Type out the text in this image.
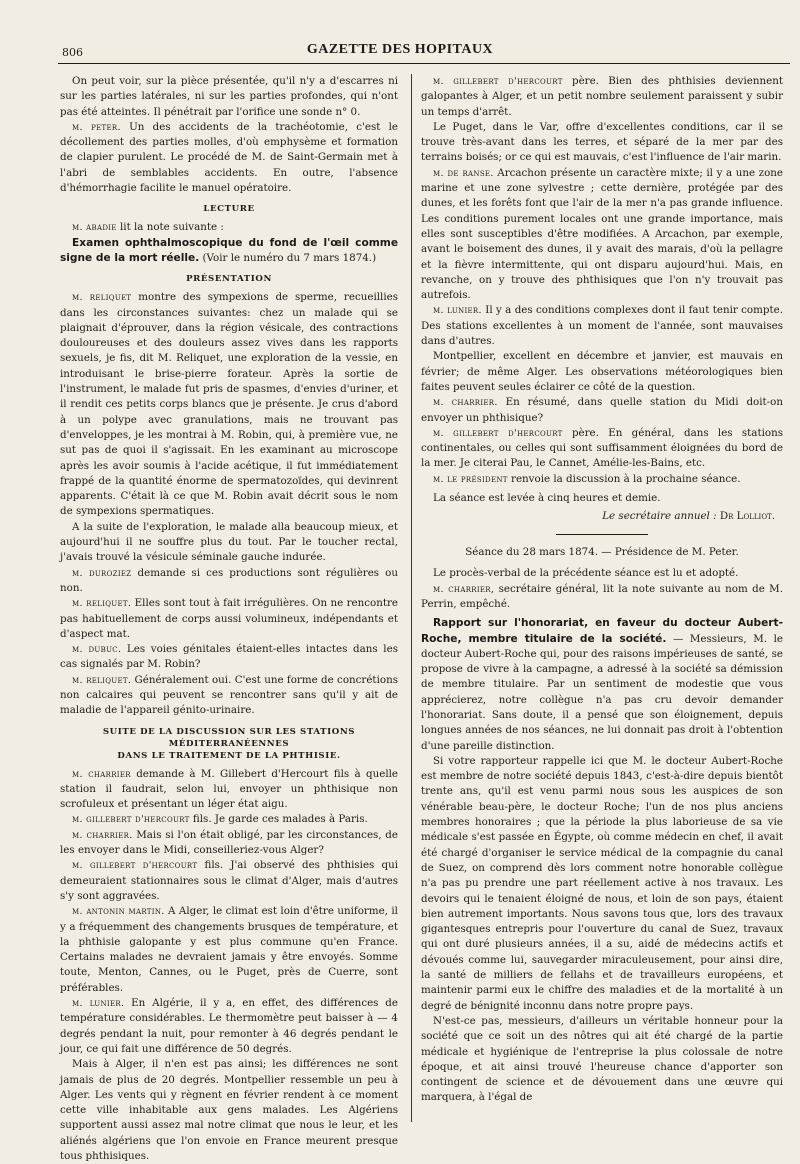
806	GAZETTE DES HOPITAUX

On peut voir, sur la pièce présentée, qu'il n'y a d'escarres ni sur les parties latérales, ni sur les parties profondes, qui n'ont pas été atteintes. Il pénétrait par l'orifice une sonde n° 0.

m. peter. Un des accidents de la trachéotomie, c'est le décollement des parties molles, d'où emphysème et formation de clapier purulent. Le procédé de M. de Saint-Germain met à l'abri de semblables accidents. En outre, l'absence d'hémorrhagie facilite le manuel opératoire.

LECTURE

m. abadie lit la note suivante :

Examen ophthalmoscopique du fond de l'œil comme signe de la mort réelle. (Voir le numéro du 7 mars 1874.)

PRÉSENTATION

m. reliquet montre des sympexions de sperme, recueillies dans les circonstances suivantes: chez un malade qui se plaignait d'éprouver, dans la région vésicale, des contractions douloureuses et des douleurs assez vives dans les rapports sexuels, je fis, dit M. Reliquet, une exploration de la vessie, en introduisant le brise-pierre forateur. Après la sortie de l'instrument, le malade fut pris de spasmes, d'envies d'uriner, et il rendit ces petits corps blancs que je présente. Je crus d'abord à un polype avec granulations, mais ne trouvant pas d'enveloppes, je les montrai à M. Robin, qui, à première vue, ne sut pas de quoi il s'agissait. En les examinant au microscope après les avoir soumis à l'acide acétique, il fut immédiatement frappé de la quantité énorme de spermatozoïdes, qui devinrent apparents. C'était là ce que M. Robin avait décrit sous le nom de sympexions spermatiques.

A la suite de l'exploration, le malade alla beaucoup mieux, et aujourd'hui il ne souffre plus du tout. Par le toucher rectal, j'avais trouvé la vésicule séminale gauche indurée.

m. duroziez demande si ces productions sont régulières ou non.

m. reliquet. Elles sont tout à fait irrégulières. On ne rencontre pas habituellement de corps aussi volumineux, indépendants et d'aspect mat.

m. dubuc. Les voies génitales étaient-elles intactes dans les cas signalés par M. Robin?

m. reliquet. Généralement oui. C'est une forme de concrétions non calcaires qui peuvent se rencontrer sans qu'il y ait de maladie de l'appareil génito-urinaire.

SUITE DE LA DISCUSSION SUR LES STATIONS MÉDITERRANÉENNES
DANS LE TRAITEMENT DE LA PHTHISIE.

m. charrier demande à M. Gillebert d'Hercourt fils à quelle station il faudrait, selon lui, envoyer un phthisique non scrofuleux et présentant un léger état aigu.

m. gillebert d'hercourt fils. Je garde ces malades à Paris.

m. charrier. Mais si l'on était obligé, par les circonstances, de les envoyer dans le Midi, conseilleriez-vous Alger?

m. gillebert d'hercourt fils. J'ai observé des phthisies qui demeuraient stationnaires sous le climat d'Alger, mais d'autres s'y sont aggravées.

m. antonin martin. A Alger, le climat est loin d'être uniforme, il y a fréquemment des changements brusques de température, et la phthisie galopante y est plus commune qu'en France. Certains malades ne devraient jamais y être envoyés. Somme toute, Menton, Cannes, ou le Puget, près de Cuerre, sont préférables.

m. lunier. En Algérie, il y a, en effet, des différences de température considérables. Le thermomètre peut baisser à — 4 degrés pendant la nuit, pour remonter à 46 degrés pendant le jour, ce qui fait une différence de 50 degrés.

Mais à Alger, il n'en est pas ainsi; les différences ne sont jamais de plus de 20 degrés. Montpellier ressemble un peu à Alger. Les vents qui y règnent en février rendent à ce moment cette ville inhabitable aux gens malades. Les Algériens supportent aussi assez mal notre climat que nous le leur, et les aliénés algériens que l'on envoie en France meurent presque tous phthisiques.

m. gillebert d'hercourt père. Bien des phthisies deviennent galopantes à Alger, et un petit nombre seulement paraissent y subir un temps d'arrêt.

Le Puget, dans le Var, offre d'excellentes conditions, car il se trouve très-avant dans les terres, et séparé de la mer par des terrains boisés; or ce qui est mauvais, c'est l'influence de l'air marin.

m. de ranse. Arcachon présente un caractère mixte; il y a une zone marine et une zone sylvestre ; cette dernière, protégée par des dunes, et les forêts font que l'air de la mer n'a pas grande influence. Les conditions purement locales ont une grande importance, mais elles sont susceptibles d'être modifiées. A Arcachon, par exemple, avant le boisement des dunes, il y avait des marais, d'où la pellagre et la fièvre intermittente, qui ont disparu aujourd'hui. Mais, en revanche, on y trouve des phthisiques que l'on n'y trouvait pas autrefois.

m. lunier. Il y a des conditions complexes dont il faut tenir compte. Des stations excellentes à un moment de l'année, sont mauvaises dans d'autres.

Montpellier, excellent en décembre et janvier, est mauvais en février; de même Alger. Les observations météorologiques bien faites peuvent seules éclairer ce côté de la question.

m. charrier. En résumé, dans quelle station du Midi doit-on envoyer un phthisique?

m. gillebert d'hercourt père. En général, dans les stations continentales, ou celles qui sont suffisamment éloignées du bord de la mer. Je citerai Pau, le Cannet, Amélie-les-Bains, etc.

m. le président renvoie la discussion à la prochaine séance.

La séance est levée à cinq heures et demie.

Le secrétaire annuel : Dr Lolliot.
Séance du 28 mars 1874. — Présidence de M. Peter.

Le procès-verbal de la précédente séance est lu et adopté.

m. charrier, secrétaire général, lit la note suivante au nom de M. Perrin, empêché.

Rapport sur l'honorariat, en faveur du docteur Aubert-Roche, membre titulaire de la société. — Messieurs, M. le docteur Aubert-Roche qui, pour des raisons impérieuses de santé, se propose de vivre à la campagne, a adressé à la société sa démission de membre titulaire. Par un sentiment de modestie que vous apprécierez, notre collègue n'a pas cru devoir demander l'honorariat. Sans doute, il a pensé que son éloignement, depuis longues années de nos séances, ne lui donnait pas droit à l'obtention d'une pareille distinction.

Si votre rapporteur rappelle ici que M. le docteur Aubert-Roche est membre de notre société depuis 1843, c'est-à-dire depuis bientôt trente ans, qu'il est venu parmi nous sous les auspices de son vénérable beau-père, le docteur Roche; l'un de nos plus anciens membres honoraires ; que la période la plus laborieuse de sa vie médicale s'est passée en Égypte, où comme médecin en chef, il avait été chargé d'organiser le service médical de la compagnie du canal de Suez, on comprend dès lors comment notre honorable collègue n'a pas pu prendre une part réellement active à nos travaux. Les devoirs qui le tenaient éloigné de nous, et loin de son pays, étaient bien autrement importants. Nous savons tous que, lors des travaux gigantesques entrepris pour l'ouverture du canal de Suez, travaux qui ont duré plusieurs années, il a su, aidé de médecins actifs et dévoués comme lui, sauvegarder miraculeusement, pour ainsi dire, la santé de milliers de fellahs et de travailleurs européens, et maintenir parmi eux le chiffre des maladies et de la mortalité à un degré de bénignité inconnu dans notre propre pays.

N'est-ce pas, messieurs, d'ailleurs un véritable honneur pour la société que ce soit un des nôtres qui ait été chargé de la partie médicale et hygiénique de l'entreprise la plus colossale de notre époque, et ait ainsi trouvé l'heureuse chance d'apporter son contingent de science et de dévouement dans une œuvre qui marquera, à l'égal de
